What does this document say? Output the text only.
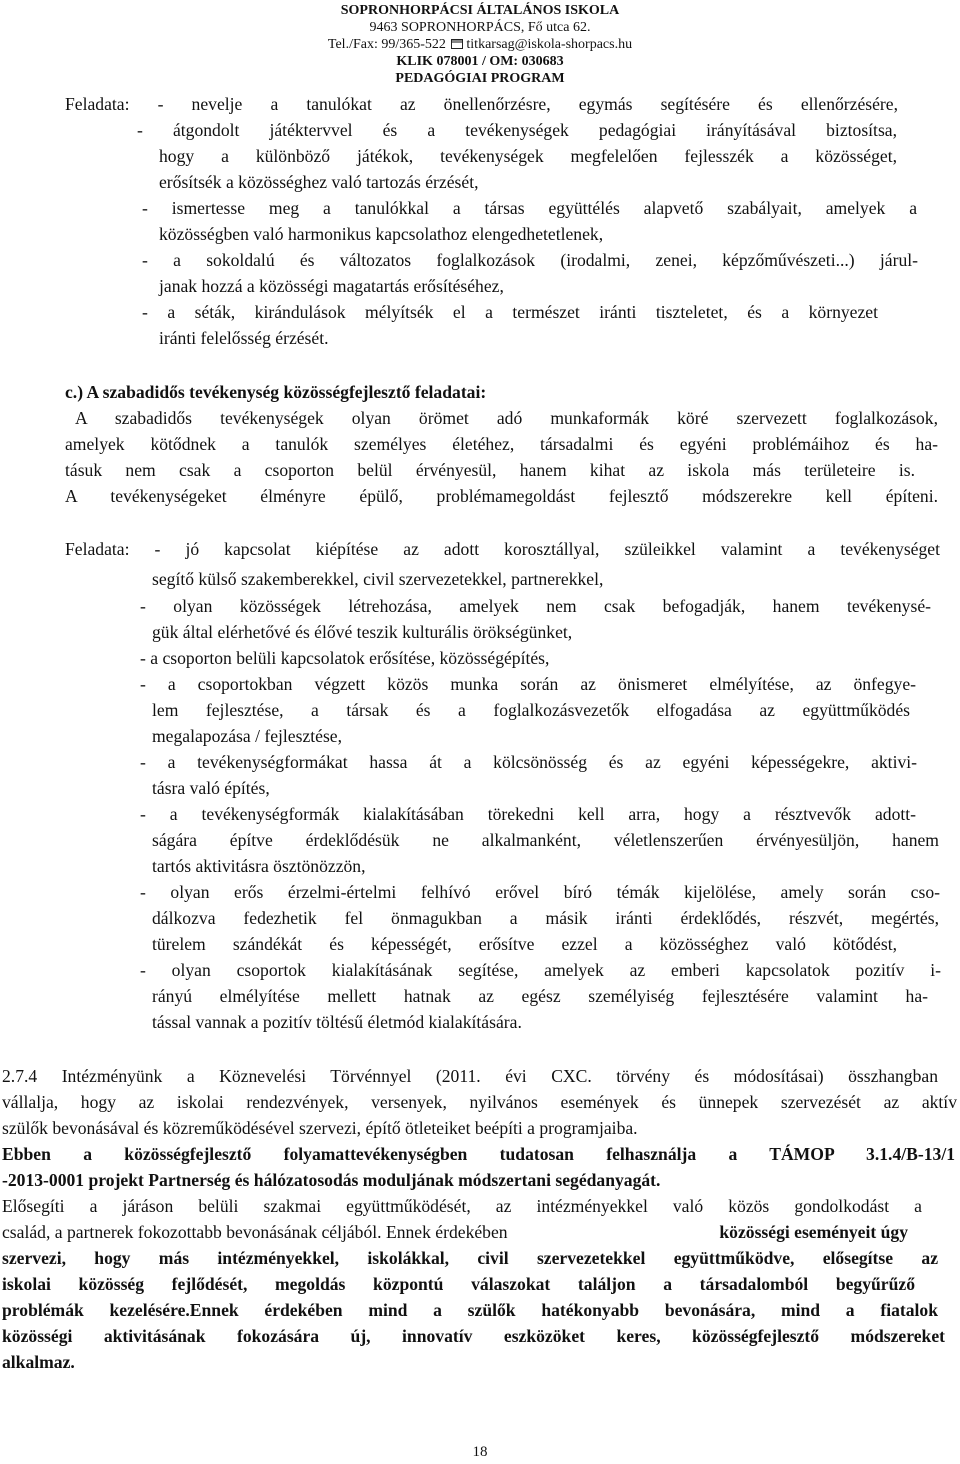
SOPRONHORPÁCSI ÁLTALÁNOS ISKOLA
9463 SOPRONHORPÁCS, Fő utca 62.
Tel./Fax: 99/365-522 titkarsag@iskola-shorpacs.hu
KLIK 078001 / OM: 030683
PEDAGÓGIAI PROGRAM
Feladata: - nevelje a tanulókat az önellenőrzésre, egymás segítésére és ellenőrzésére,
- átgondolt játéktervvel és a tevékenységek pedagógiai irányításával biztosítsa,
hogy a különböző játékok, tevékenységek megfelelően fejlesszék a közösséget,
erősítsék a közösséghez való tartozás érzését,
- ismertesse meg a tanulókkal a társas együttélés alapvető szabályait, amelyek a
közösségben való harmonikus kapcsolathoz elengedhetetlenek,
- a sokoldalú és változatos foglalkozások (irodalmi, zenei, képzőművészeti...) járul-
janak hozzá a közösségi magatartás erősítéséhez,
- a séták, kirándulások mélyítsék el a természet iránti tiszteletet, és a környezet
iránti felelősség érzését.
c.) A szabadidős tevékenység közösségfejlesztő feladatai:
A szabadidős tevékenységek olyan örömet adó munkaformák köré szervezett foglalkozások,
amelyek kötődnek a tanulók személyes életéhez, társadalmi és egyéni problémáihoz és ha-
tásuk nem csak a csoporton belül érvényesül, hanem kihat az iskola más területeire is.
A tevékenységeket élményre épülő, problémamegoldást fejlesztő módszerekre kell építeni.
Feladata: - jó kapcsolat kiépítése az adott korosztállyal, szüleikkel valamint a tevékenységet
segítő külső szakemberekkel, civil szervezetekkel, partnerekkel,
- olyan közösségek létrehozása, amelyek nem csak befogadják, hanem tevékenysé-
gük által elérhetővé és élővé teszik kulturális örökségünket,
- a csoporton belüli kapcsolatok erősítése, közösségépítés,
- a csoportokban végzett közös munka során az önismeret elmélyítése, az önfegye-
lem fejlesztése, a társak és a foglalkozásvezetők elfogadása az együttműködés
megalapozása / fejlesztése,
- a tevékenységformákat hassa át a kölcsönösség és az egyéni képességekre, aktivi-
tásra való építés,
- a tevékenységformák kialakításában törekedni kell arra, hogy a résztvevők adott-
ságára építve érdeklődésük ne alkalmanként, véletlenszerűen érvényesüljön, hanem
tartós aktivitásra ösztönözzön,
- olyan erős érzelmi-értelmi felhívó erővel bíró témák kijelölése, amely során cso-
dálkozva fedezhetik fel önmagukban a másik iránti érdeklődés, részvét, megértés,
türelem szándékát és képességét, erősítve ezzel a közösséghez való kötődést,
- olyan csoportok kialakításának segítése, amelyek az emberi kapcsolatok pozitív i-
rányú elmélyítése mellett hatnak az egész személyiség fejlesztésére valamint ha-
tással vannak a pozitív töltésű életmód kialakítására.
2.7.4 Intézményünk a Köznevelési Törvénnyel (2011. évi CXC. törvény és módosításai) összhangban
vállalja, hogy az iskolai rendezvények, versenyek, nyilvános események és ünnepek szervezését az aktív
szülők bevonásával és közreműködésével szervezi, építő ötleteiket beépíti a programjaiba.
Ebben a közösségfejlesztő folyamattevékenységben tudatosan felhasználja a TÁMOP 3.1.4/B-13/1
-2013-0001 projekt Partnerség és hálózatosodás moduljának módszertani segédanyagát.
Elősegíti a járáson belüli szakmai együttműködését, az intézményekkel való közös gondolkodást a
család, a partnerek fokozottabb bevonásának céljából. Ennek érdekében	közösségi eseményeit úgy
szervezi, hogy más intézményekkel, iskolákkal, civil szervezetekkel együttműködve, elősegítse az
iskolai közösség fejlődését, megoldás központú válaszokat találjon a társadalomból begyűrűző
problémák kezelésére.Ennek érdekében mind a szülők hatékonyabb bevonására, mind a fiatalok
közösségi aktivitásának fokozására új, innovatív eszközöket keres, közösségfejlesztő módszereket
alkalmaz.
18
